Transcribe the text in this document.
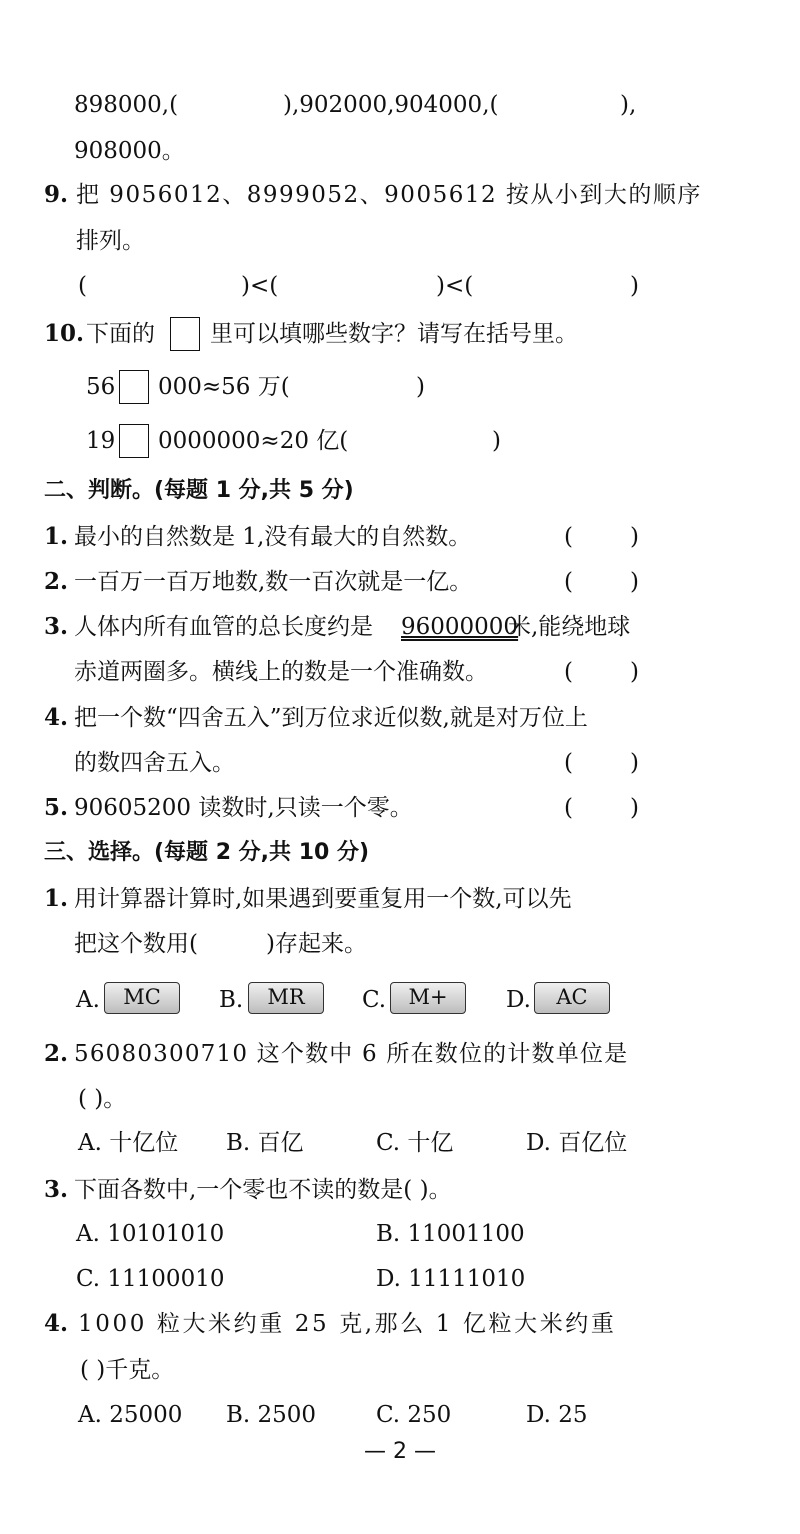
898000,(	),902000,904000,(	),
908000。
9. 把 9056012、8999052、9005612 按从小到大的顺序
排列。
(	)<(	)<(	)
10. 下面的 里可以填哪些数字？请写在括号里。
56 000≈56 万(	)
19 0000000≈20 亿(	)
二、判断。(每题 1 分,共 5 分)
1. 最小的自然数是 1,没有最大的自然数。	( )
2. 一百万一百万地数,数一百次就是一亿。	( )
3. 人体内所有血管的总长度约是 96000000
米,能绕地球
赤道两圈多。横线上的数是一个准确数。	( )
4. 把一个数“四舍五入”到万位求近似数,就是对万位上
的数四舍五入。	( )
5. 90605200 读数时,只读一个零。	( )
三、选择。(每题 2 分,共 10 分)
1. 用计算器计算时,如果遇到要重复用一个数,可以先
把这个数用(	)存起来。
A.	MC	B.	MR	C.	M+	D.	AC
2. 56080300710 这个数中 6 所在数位的计数单位是
( )。
A. 十亿位 B. 百亿	C. 十亿	D. 百亿位
3. 下面各数中,一个零也不读的数是( )。
A. 10101010	B. 11001100
C. 11100010	D. 11111010
4. 1000 粒大米约重 25 克,那么 1 亿粒大米约重
( )千克。
A. 25000 B. 2500	C. 250	D. 25
— 2 —
